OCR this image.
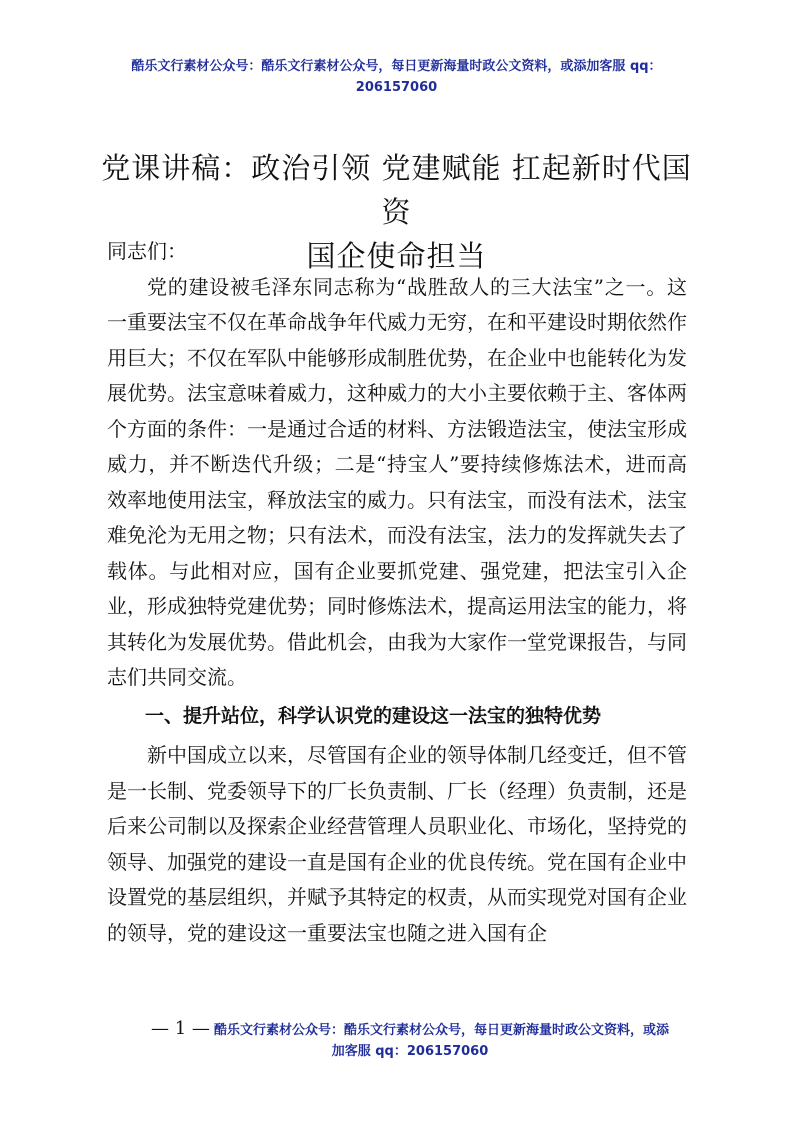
酷乐文行素材公众号：酷乐文行素材公众号，每日更新海量时政公文资料，或添加客服 qq：
206157060
党课讲稿：政治引领 党建赋能 扛起新时代国资
国企使命担当

同志们：

党的建设被毛泽东同志称为“战胜敌人的三大法宝”之一。这一重要法宝不仅在革命战争年代威力无穷，在和平建设时期依然作用巨大；不仅在军队中能够形成制胜优势，在企业中也能转化为发展优势。法宝意味着威力，这种威力的大小主要依赖于主、客体两个方面的条件：一是通过合适的材料、方法锻造法宝，使法宝形成威力，并不断迭代升级；二是“持宝人”要持续修炼法术，进而高效率地使用法宝，释放法宝的威力。只有法宝，而没有法术，法宝难免沦为无用之物；只有法术，而没有法宝，法力的发挥就失去了载体。与此相对应，国有企业要抓党建、强党建，把法宝引入企业，形成独特党建优势；同时修炼法术，提高运用法宝的能力，将其转化为发展优势。借此机会，由我为大家作一堂党课报告，与同志们共同交流。

一、提升站位，科学认识党的建设这一法宝的独特优势

新中国成立以来，尽管国有企业的领导体制几经变迁，但不管是一长制、党委领导下的厂长负责制、厂长（经理）负责制，还是后来公司制以及探索企业经营管理人员职业化、市场化，坚持党的领导、加强党的建设一直是国有企业的优良传统。党在国有企业中设置党的基层组织，并赋予其特定的权责，从而实现党对国有企业的领导，党的建设这一重要法宝也随之进入国有企

— 1 — 酷乐文行素材公众号：酷乐文行素材公众号，每日更新海量时政公文资料，或添
加客服 qq：206157060
